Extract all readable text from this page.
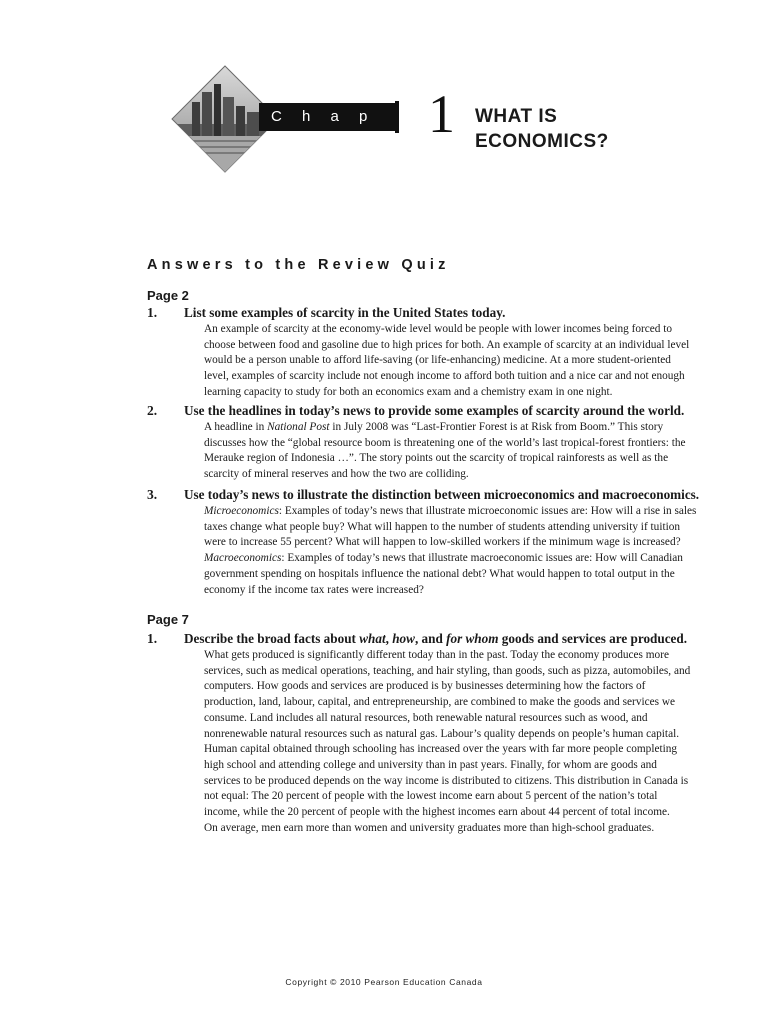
C h a p t e r
1 WHAT IS
ECONOMICS?
Answers to the Review Quiz
Page 2
1. List some examples of scarcity in the United States today.

An example of scarcity at the economy-wide level would be people with lower incomes being forced to

choose between food and gasoline due to high prices for both. An example of scarcity at an individual level

would be a person unable to afford life-saving (or life-enhancing) medicine. At a more student-oriented

level, examples of scarcity include not enough income to afford both tuition and a nice car and not enough

learning capacity to study for both an economics exam and a chemistry exam in one night.

2. Use the headlines in today’s news to provide some examples of scarcity around the world.

A headline in National Post in July 2008 was “Last-Frontier Forest is at Risk from Boom.” This story

discusses how the “global resource boom is threatening one of the world’s last tropical-forest frontiers: the

Merauke region of Indonesia …”. The story points out the scarcity of tropical rainforests as well as the

scarcity of mineral reserves and how the two are colliding.

3. Use today’s news to illustrate the distinction between microeconomics and macroeconomics.

Microeconomics: Examples of today’s news that illustrate microeconomic issues are: How will a rise in sales

taxes change what people buy? What will happen to the number of students attending university if tuition

were to increase 55 percent? What will happen to low-skilled workers if the minimum wage is increased?

Macroeconomics: Examples of today’s news that illustrate macroeconomic issues are: How will Canadian

government spending on hospitals influence the national debt? What would happen to total output in the

economy if the income tax rates were increased?

Page 7
1. Describe the broad facts about what, how, and for whom goods and services are produced.

What gets produced is significantly different today than in the past. Today the economy produces more

services, such as medical operations, teaching, and hair styling, than goods, such as pizza, automobiles, and

computers. How goods and services are produced is by businesses determining how the factors of

production, land, labour, capital, and entrepreneurship, are combined to make the goods and services we

consume. Land includes all natural resources, both renewable natural resources such as wood, and

nonrenewable natural resources such as natural gas. Labour’s quality depends on people’s human capital.

Human capital obtained through schooling has increased over the years with far more people completing

high school and attending college and university than in past years. Finally, for whom are goods and

services to be produced depends on the way income is distributed to citizens. This distribution in Canada is

not equal: The 20 percent of people with the lowest income earn about 5 percent of the nation’s total

income, while the 20 percent of people with the highest incomes earn about 44 percent of total income.

On average, men earn more than women and university graduates more than high-school graduates.

Copyright © 2010 Pearson Education Canada
